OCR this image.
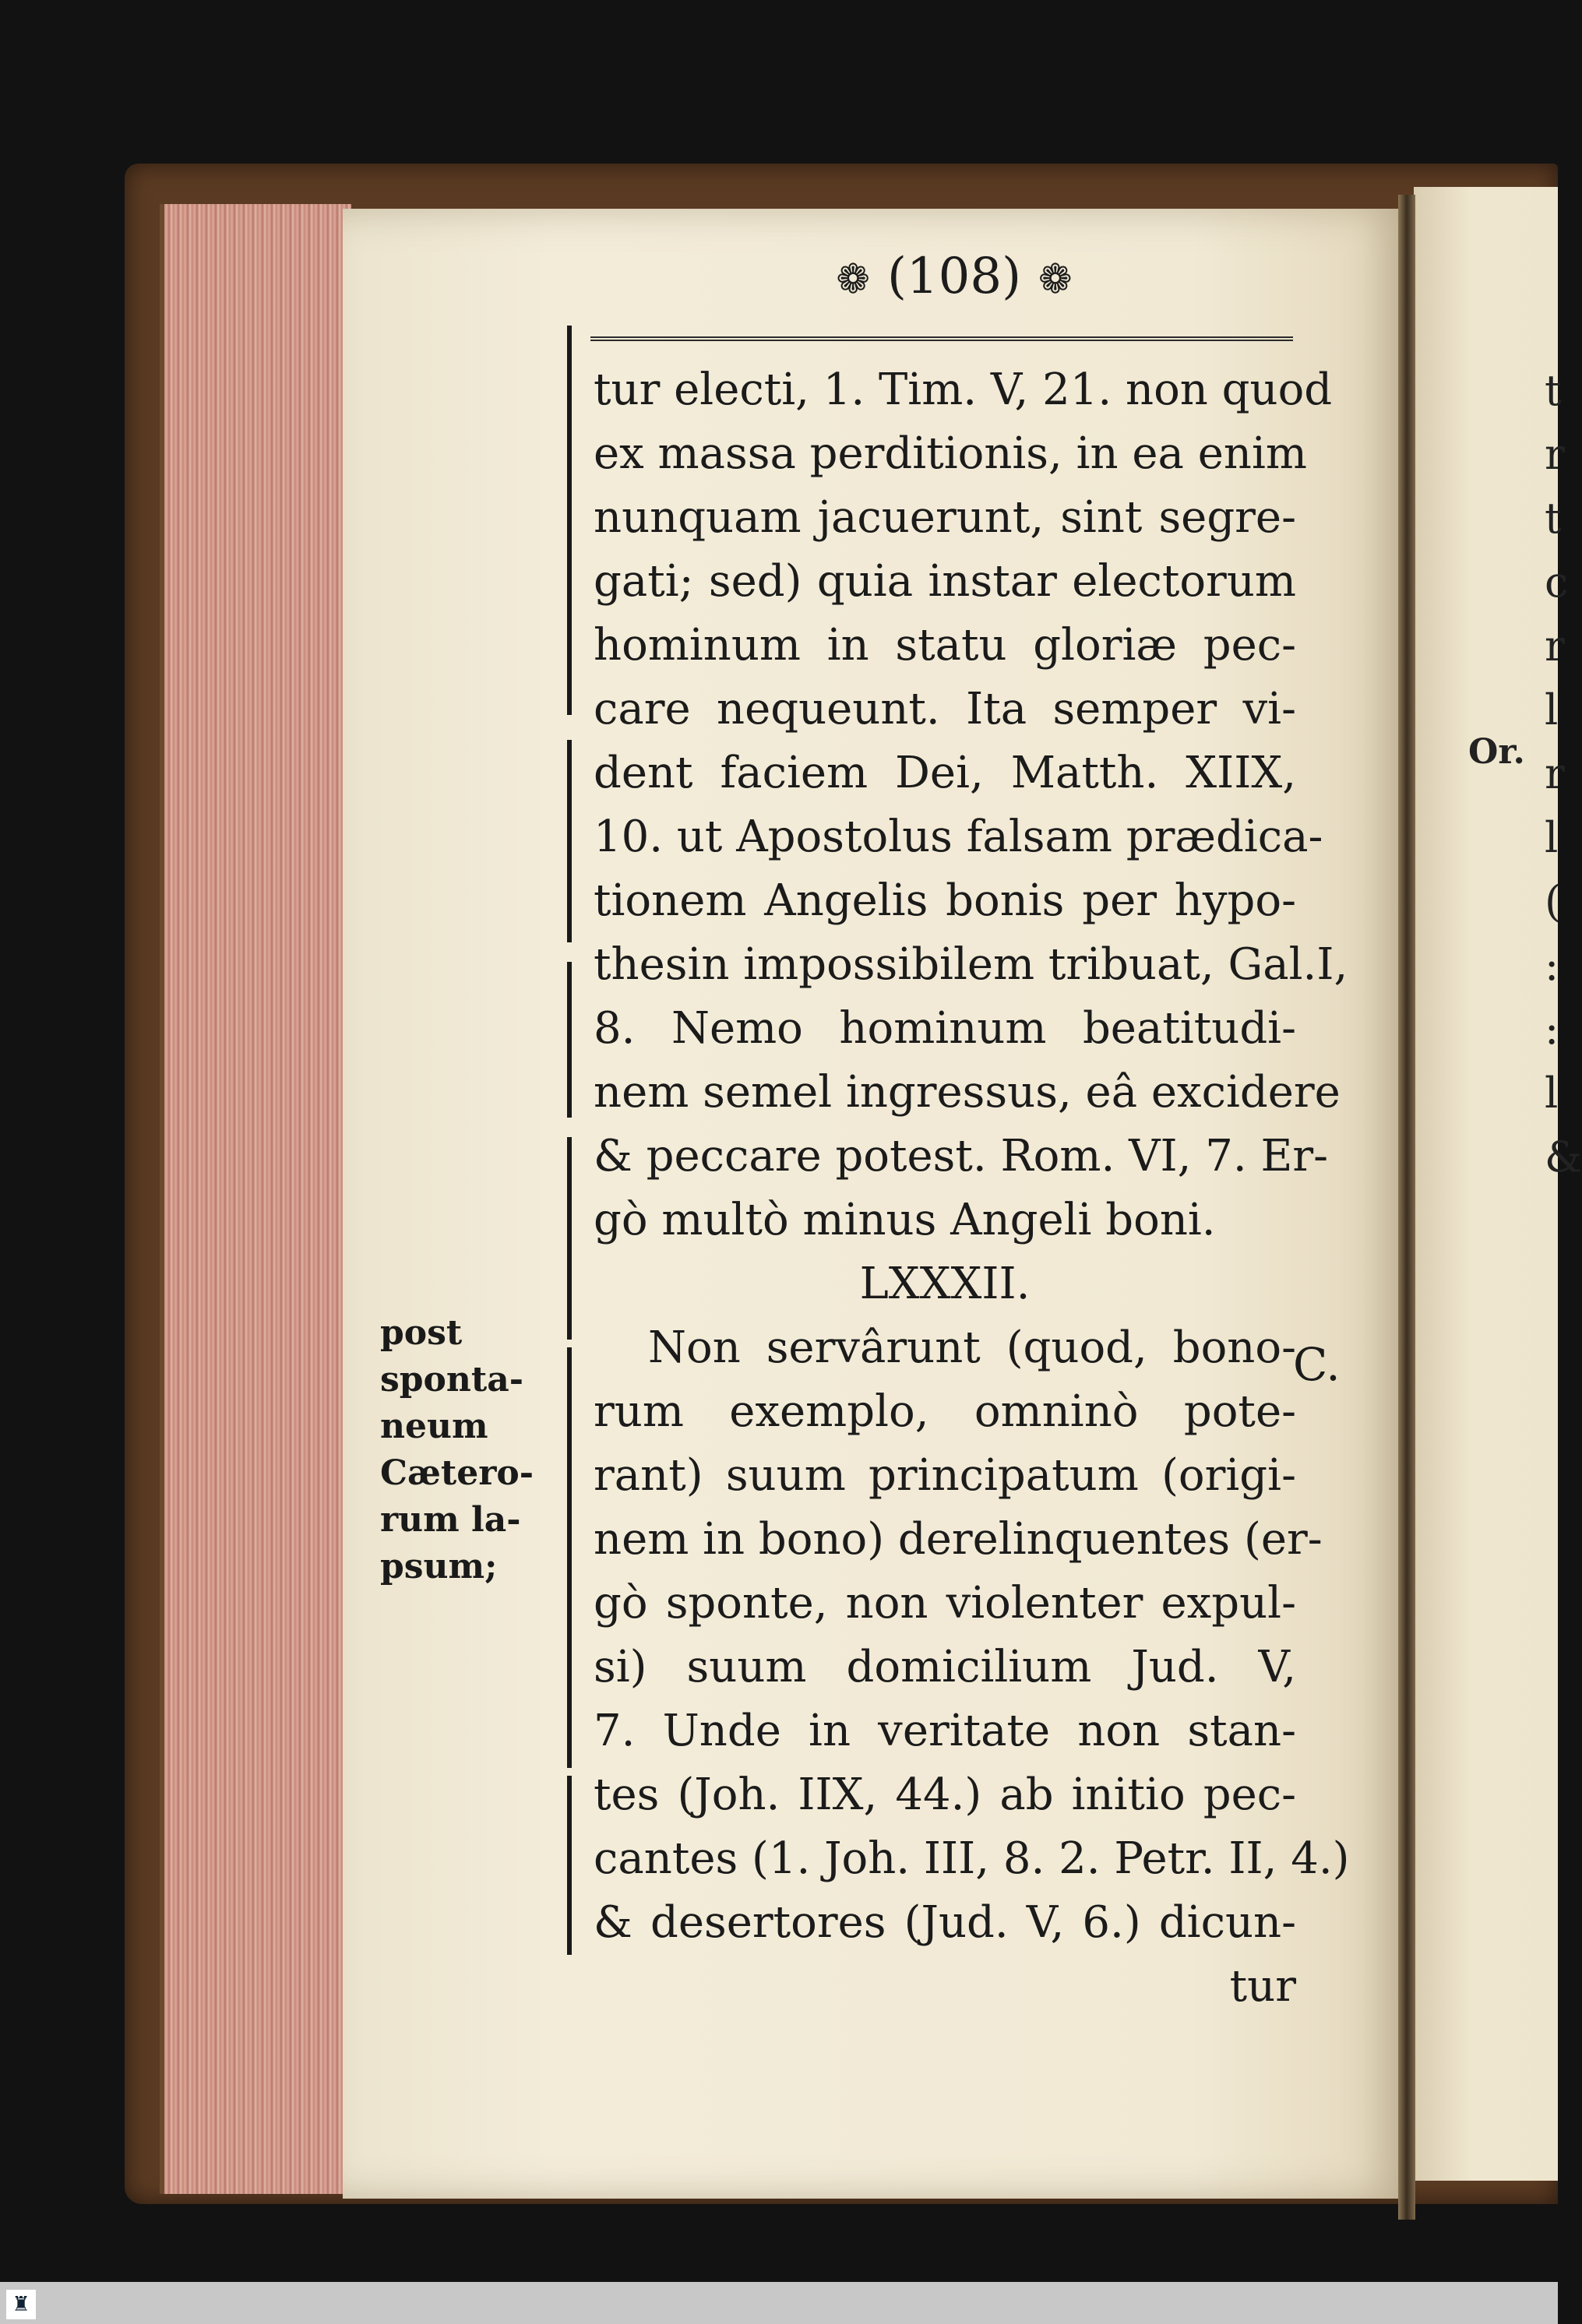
Or.
t
r
t
c
r
l
r
l
(
:
:
l
&
❁ (108) ❁
tur electi, 1. Tim. V, 21. non quod
ex massa perditionis, in ea enim
nunquam jacuerunt, sint segre-
gati; sed) quia instar electorum
hominum in statu gloriæ pec-
care nequeunt. Ita semper vi-
dent faciem Dei, Matth. XIIX,
10. ut Apostolus falsam prædica-
tionem Angelis bonis per hypo-
thesin impossibilem tribuat, Gal.I,
8. Nemo hominum beatitudi-
nem semel ingressus, eâ excidere
& peccare potest. Rom. VI, 7. Er-
gò multò minus Angeli boni.
LXXXII.
Non servârunt (quod, bono-
rum exemplo, omninò pote-
rant) suum principatum (origi-
nem in bono) derelinquentes (er-
gò sponte, non violenter expul-
si) suum domicilium Jud. V,
7. Unde in veritate non stan-
tes (Joh. IIX, 44.) ab initio pec-
cantes (1. Joh. III, 8. 2. Petr. II, 4.)
& desertores (Jud. V, 6.) dicun-
tur
post
sponta-
neum
Cætero-
rum la-
psum;
C.
♜
